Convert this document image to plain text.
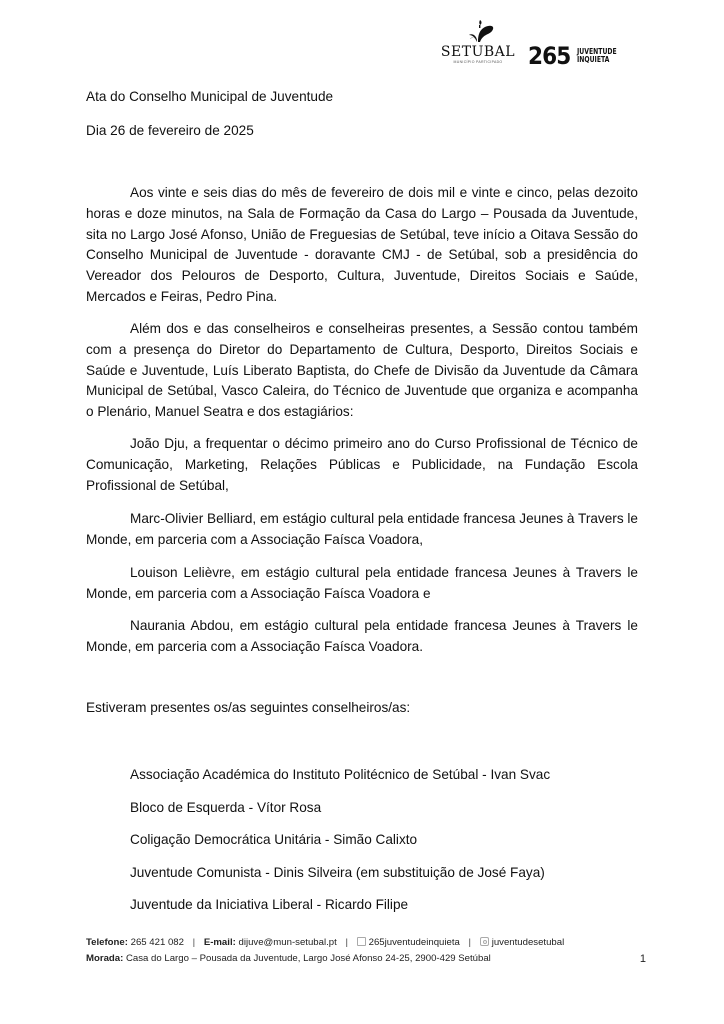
SETUBAL
MUNICÍPIO PARTICIPADO	265 JUVENTUDE
INQUIETA
Ata do Conselho Municipal de Juventude
Dia 26 de fevereiro de 2025
Aos vinte e seis dias do mês de fevereiro de dois mil e vinte e cinco, pelas dezoito horas e doze minutos, na Sala de Formação da Casa do Largo – Pousada da Juventude, sita no Largo José Afonso, União de Freguesias de Setúbal, teve início a Oitava Sessão do Conselho Municipal de Juventude - doravante CMJ - de Setúbal, sob a presidência do Vereador dos Pelouros de Desporto, Cultura, Juventude, Direitos Sociais e Saúde, Mercados e Feiras, Pedro Pina.
Além dos e das conselheiros e conselheiras presentes, a Sessão contou também com a presença do Diretor do Departamento de Cultura, Desporto, Direitos Sociais e Saúde e Juventude, Luís Liberato Baptista, do Chefe de Divisão da Juventude da Câmara Municipal de Setúbal, Vasco Caleira, do Técnico de Juventude que organiza e acompanha o Plenário, Manuel Seatra e dos estagiários:
João Dju, a frequentar o décimo primeiro ano do Curso Profissional de Técnico de Comunicação, Marketing, Relações Públicas e Publicidade, na Fundação Escola Profissional de Setúbal,
Marc-Olivier Belliard, em estágio cultural pela entidade francesa Jeunes à Travers le Monde, em parceria com a Associação Faísca Voadora,
Louison Lelièvre, em estágio cultural pela entidade francesa Jeunes à Travers le Monde, em parceria com a Associação Faísca Voadora e
Naurania Abdou, em estágio cultural pela entidade francesa Jeunes à Travers le Monde, em parceria com a Associação Faísca Voadora.
Estiveram presentes os/as seguintes conselheiros/as:
Associação Académica do Instituto Politécnico de Setúbal - Ivan Svac
Bloco de Esquerda - Vítor Rosa
Coligação Democrática Unitária - Simão Calixto
Juventude Comunista - Dinis Silveira (em substituição de José Faya)
Juventude da Iniciativa Liberal - Ricardo Filipe
Telefone: 265 421 082 | E-mail: dijuve@mun-setubal.pt | 265juventudeinquieta | juventudesetubal
Morada: Casa do Largo – Pousada da Juventude, Largo José Afonso 24-25, 2900-429 Setúbal	1
